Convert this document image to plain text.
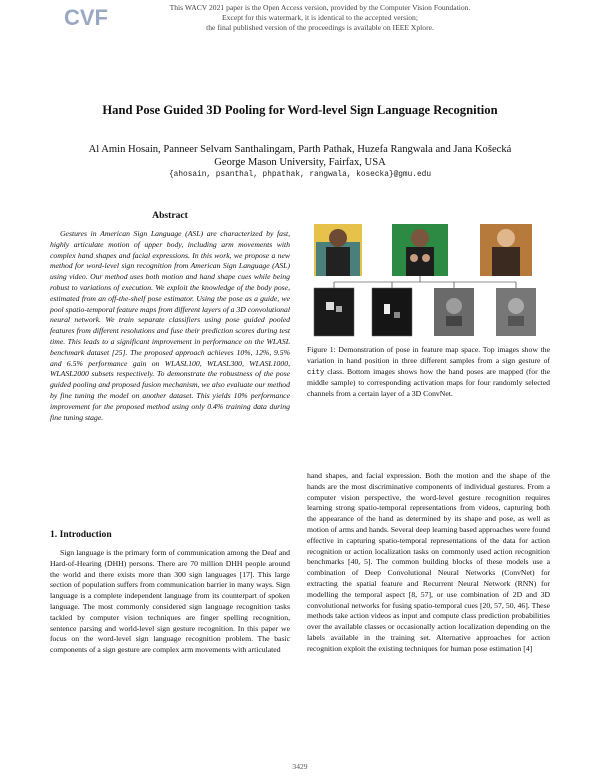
CVF	This WACV 2021 paper is the Open Access version, provided by the Computer Vision Foundation.
Except for this watermark, it is identical to the accepted version;
the final published version of the proceedings is available on IEEE Xplore.
Hand Pose Guided 3D Pooling for Word-level Sign Language Recognition
Al Amin Hosain, Panneer Selvam Santhalingam, Parth Pathak, Huzefa Rangwala and Jana Košecká
George Mason University, Fairfax, USA
{ahosain, psanthal, phpathak, rangwala, kosecka}@gmu.edu
Abstract
Gestures in American Sign Language (ASL) are characterized by fast, highly articulate motion of upper body, including arm movements with complex hand shapes and facial expressions. In this work, we propose a new method for word-level sign recognition from American Sign Language (ASL) using video. Our method uses both motion and hand shape cues while being robust to variations of execution. We exploit the knowledge of the body pose, estimated from an off-the-shelf pose estimator. Using the pose as a guide, we pool spatio-temporal feature maps from different layers of a 3D convolutional neural network. We train separate classifiers using pose guided pooled features from different resolutions and fuse their prediction scores during test time. This leads to a significant improvement in performance on the WLASL benchmark dataset [25]. The proposed approach achieves 10%, 12%, 9.5% and 6.5% performance gain on WLASL100, WLASL300, WLASL1000, WLASL2000 subsets respectively. To demonstrate the robustness of the pose guided pooling and proposed fusion mechanism, we also evaluate our method by fine tuning the model on another dataset. This yields 10% performance improvement for the proposed method using only 0.4% training data during fine tuning stage.
1. Introduction
Sign language is the primary form of communication among the Deaf and Hard-of-Hearing (DHH) persons. There are 70 million DHH people around the world and there exists more than 300 sign languages [17]. This large section of population suffers from communication barrier in many ways. Sign language is a complete independent language from its counterpart of spoken language. The most commonly considered sign language recognition tasks tackled by computer vision techniques are finger spelling recognition, sentence parsing and world-level sign gesture recognition. In this paper we focus on the word-level sign language recognition problem. The basic components of a sign gesture are complex arm movements with articulated
Figure 1: Demonstration of pose in feature map space. Top images show the variation in hand position in three different samples from a sign gesture of city class. Bottom images shows how the hand poses are mapped (for the middle sample) to corresponding activation maps for four randomly selected channels from a certain layer of a 3D ConvNet.
hand shapes, and facial expression. Both the motion and the shape of the hands are the most discriminative components of individual gestures. From a computer vision perspective, the word-level gesture recognition requires learning strong spatio-temporal representations from videos, capturing both the appearance of the hand as determined by its shape and pose, as well as motion of arms and hands. Several deep learning based approaches were found effective in capturing spatio-temporal representations of the data for action recognition or action localization tasks on commonly used action recognition benchmarks [40, 5]. The common building blocks of these models use a combination of Deep Convolutional Neural Networks (ConvNet) for extracting the spatial feature and Recurrent Neural Network (RNN) for modelling the temporal aspect [8, 57], or use combination of 2D and 3D convolutional networks for fusing spatio-temporal cues [20, 57, 50, 46]. These methods take action videos as input and compute class prediction probabilities over the available classes or occasionally action localization depending on the labels available in the training set. Alternative approaches for action recognition exploit the existing techniques for human pose estimation [4]
3429
